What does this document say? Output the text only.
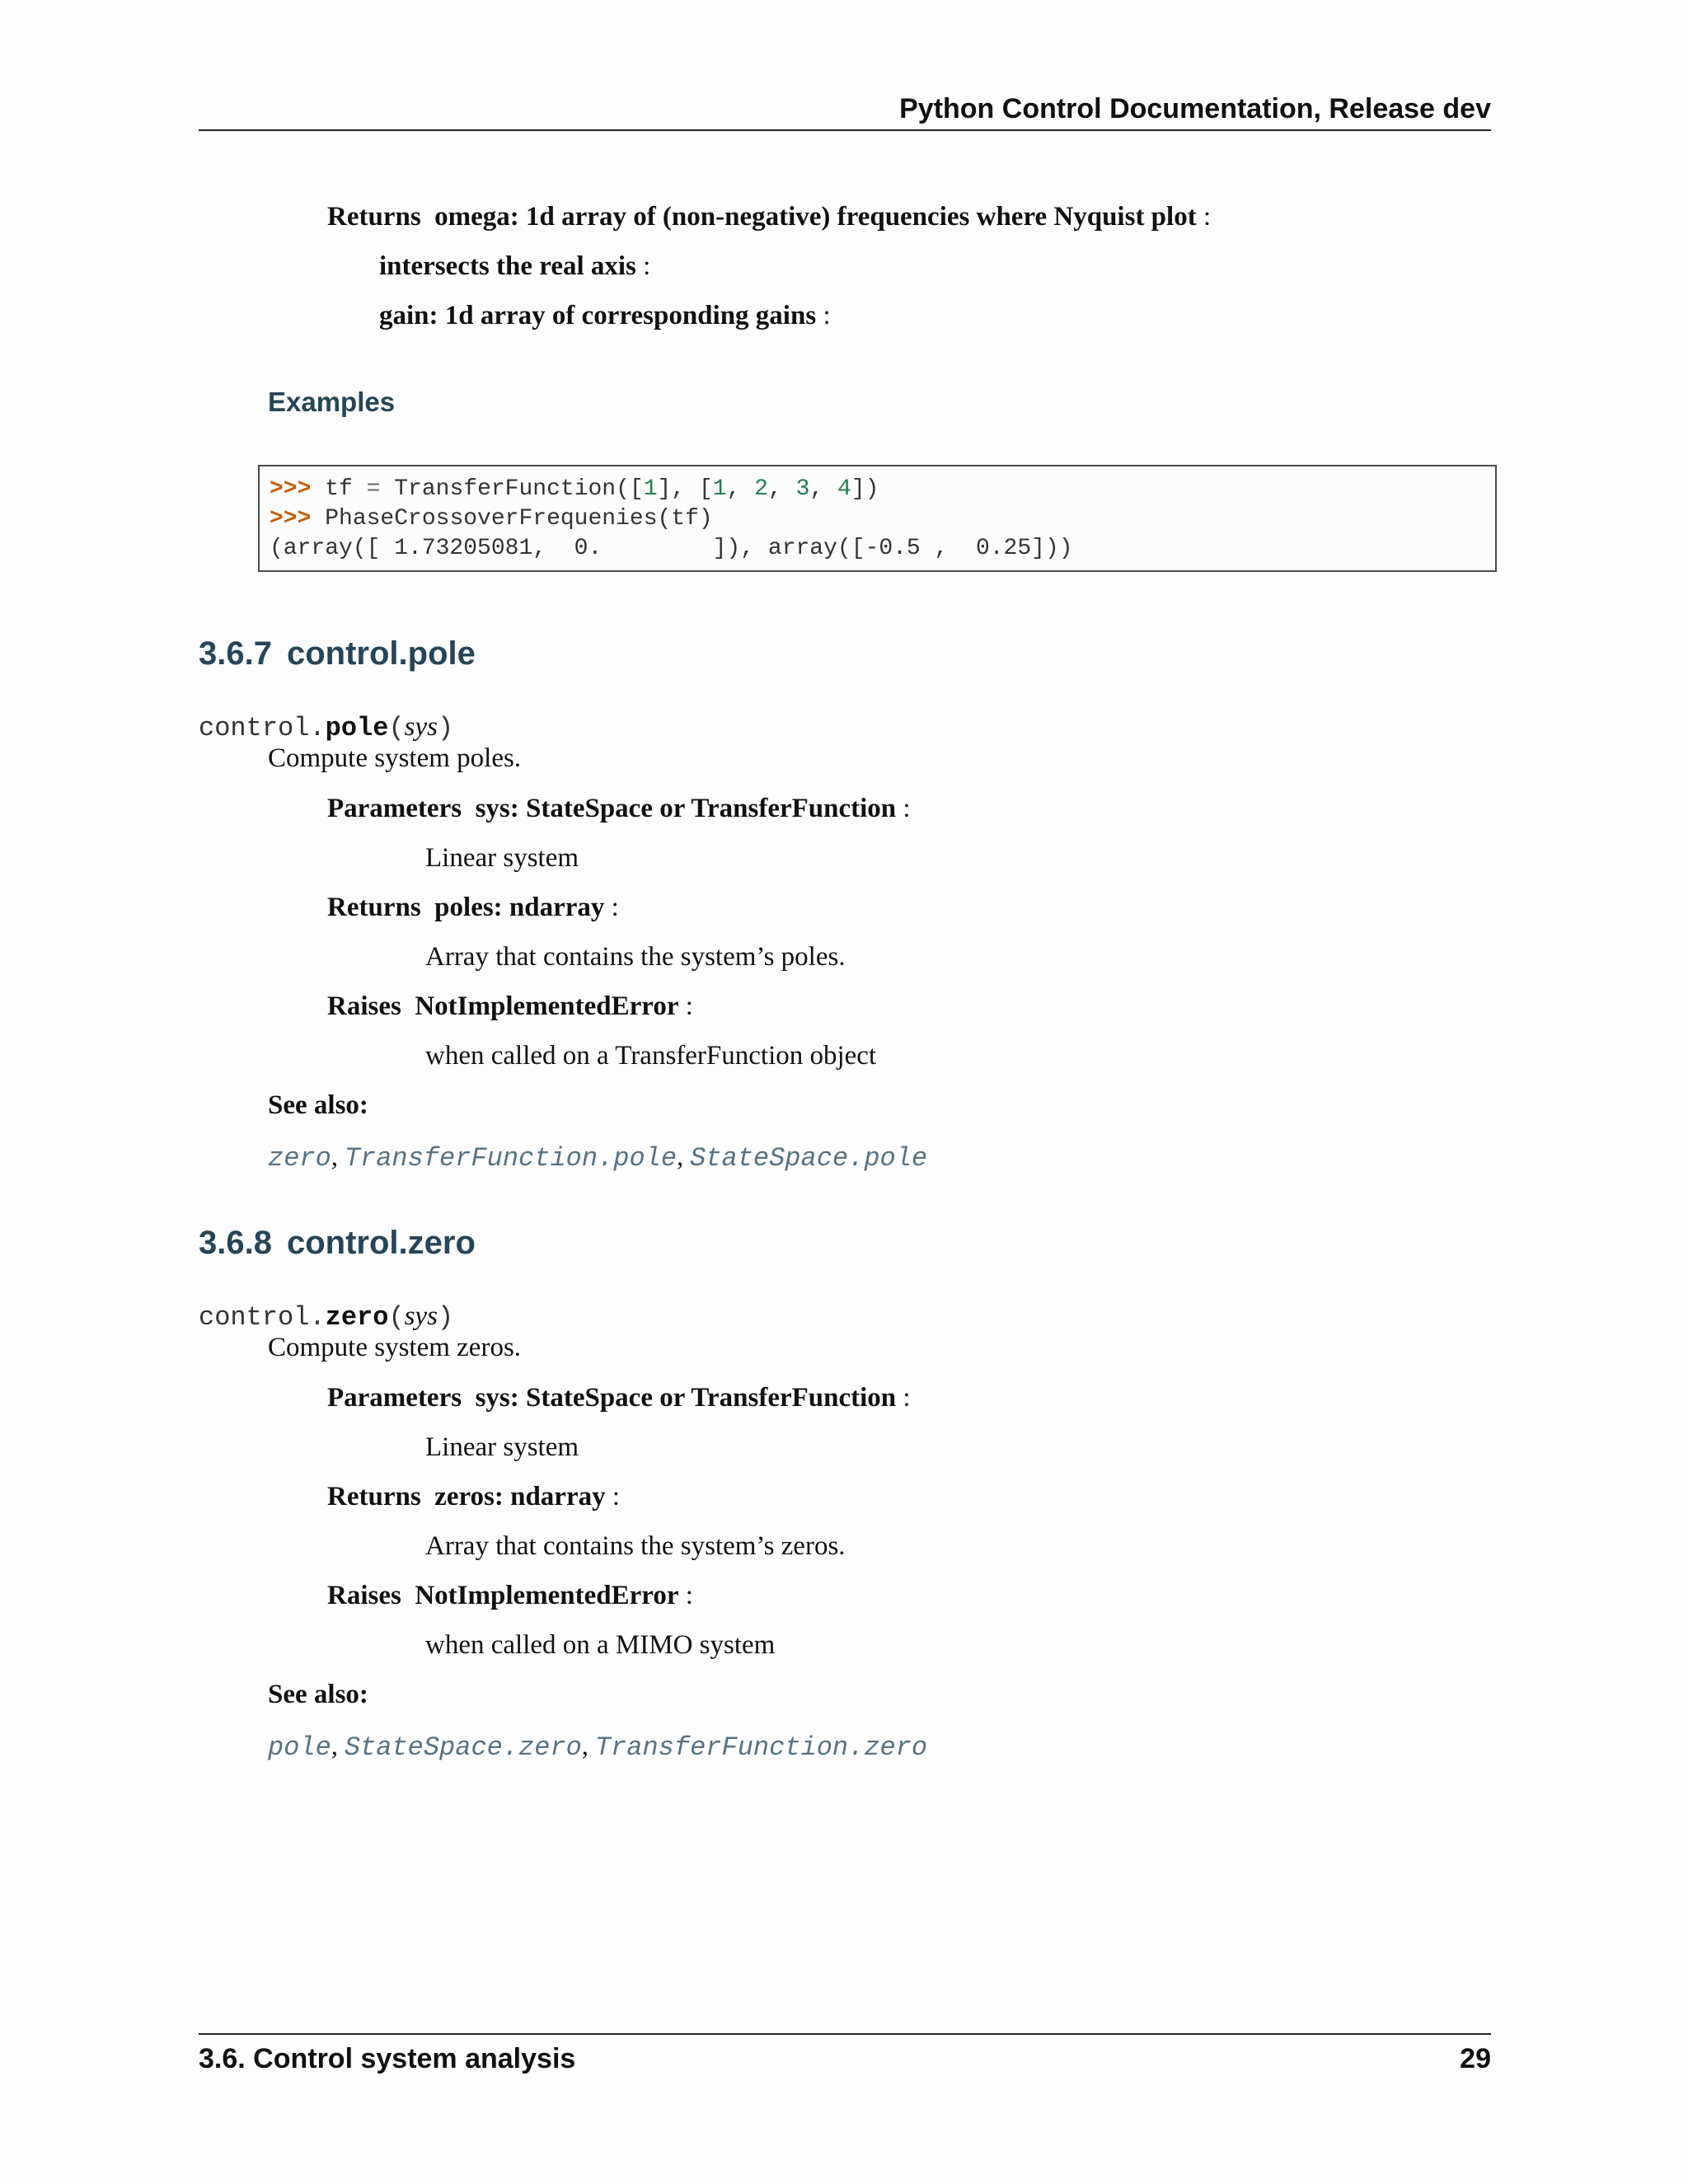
Python Control Documentation, Release dev
Returns omega: 1d array of (non-negative) frequencies where Nyquist plot :
intersects the real axis :
gain: 1d array of corresponding gains :
Examples
>>> tf = TransferFunction([1], [1, 2, 3, 4])
>>> PhaseCrossoverFrequenies(tf)
(array([ 1.73205081,  0.        ]), array([-0.5 ,  0.25]))
3.6.7 control.pole
control.pole(sys)
Compute system poles.
Parameters sys: StateSpace or TransferFunction :
Linear system
Returns poles: ndarray :
Array that contains the system’s poles.
Raises NotImplementedError :
when called on a TransferFunction object
See also:
zero, TransferFunction.pole, StateSpace.pole
3.6.8 control.zero
control.zero(sys)
Compute system zeros.
Parameters sys: StateSpace or TransferFunction :
Linear system
Returns zeros: ndarray :
Array that contains the system’s zeros.
Raises NotImplementedError :
when called on a MIMO system
See also:
pole, StateSpace.zero, TransferFunction.zero
3.6. Control system analysis	29
